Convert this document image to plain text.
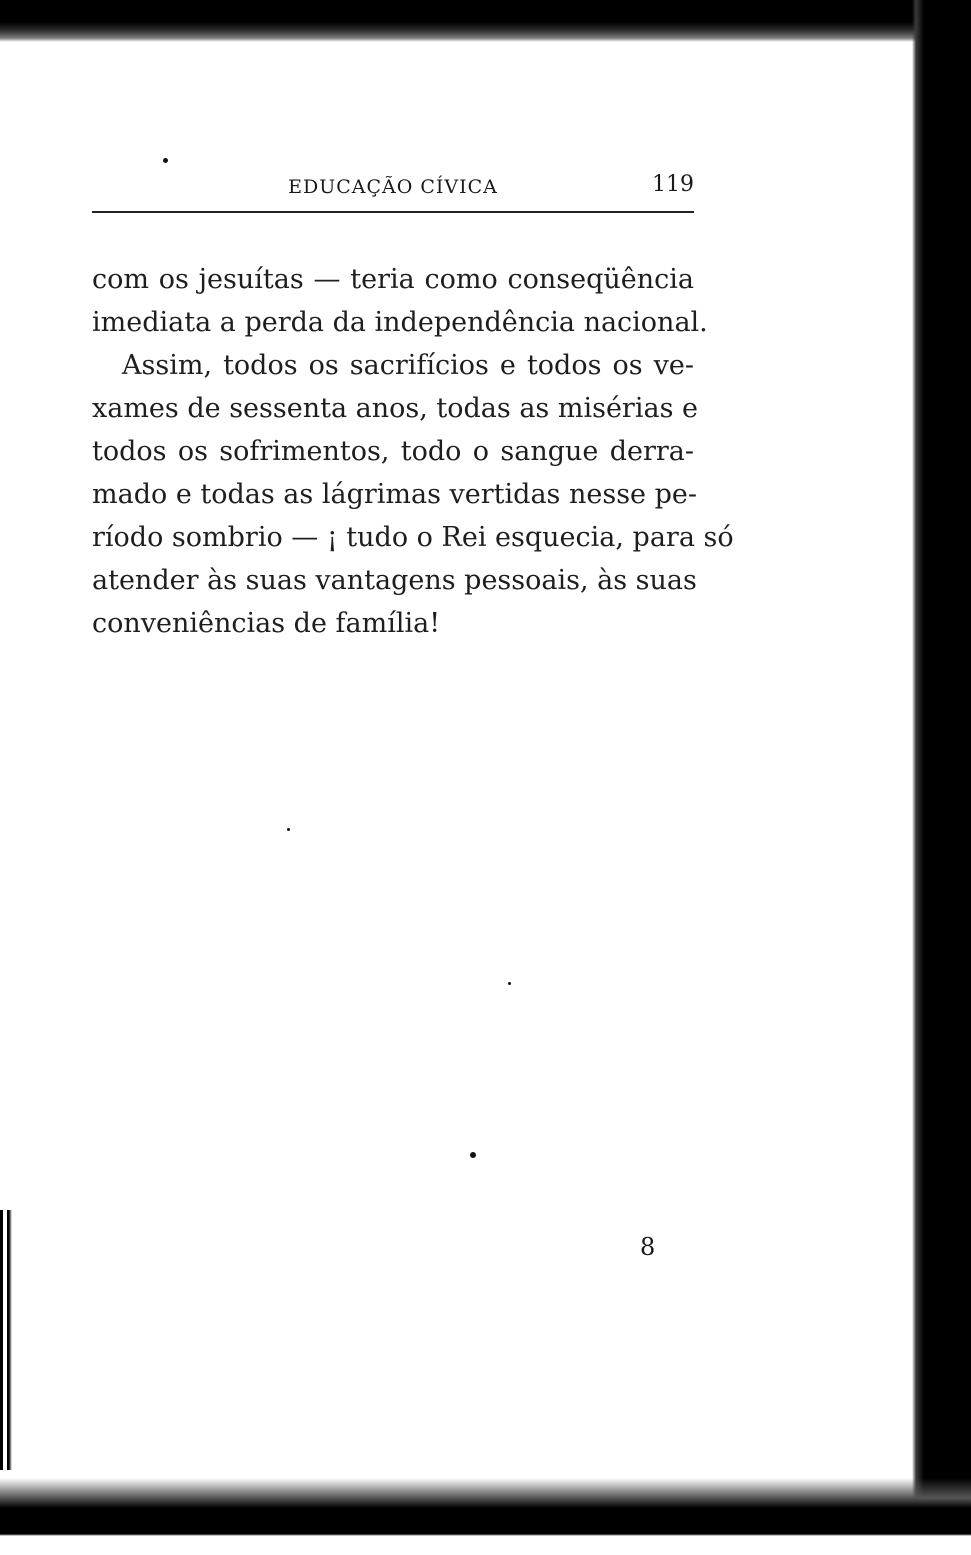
EDUCAÇÃO CÍVICA	119
com os jesuítas — teria como conseqüência
imediata a perda da independência nacional.
Assim, todos os sacrifícios e todos os ve-
xames de sessenta anos, todas as misérias e
todos os sofrimentos, todo o sangue derra-
mado e todas as lágrimas vertidas nesse pe-
ríodo sombrio — ¡ tudo o Rei esquecia, para só
atender às suas vantagens pessoais, às suas
conveniências de família!
8
